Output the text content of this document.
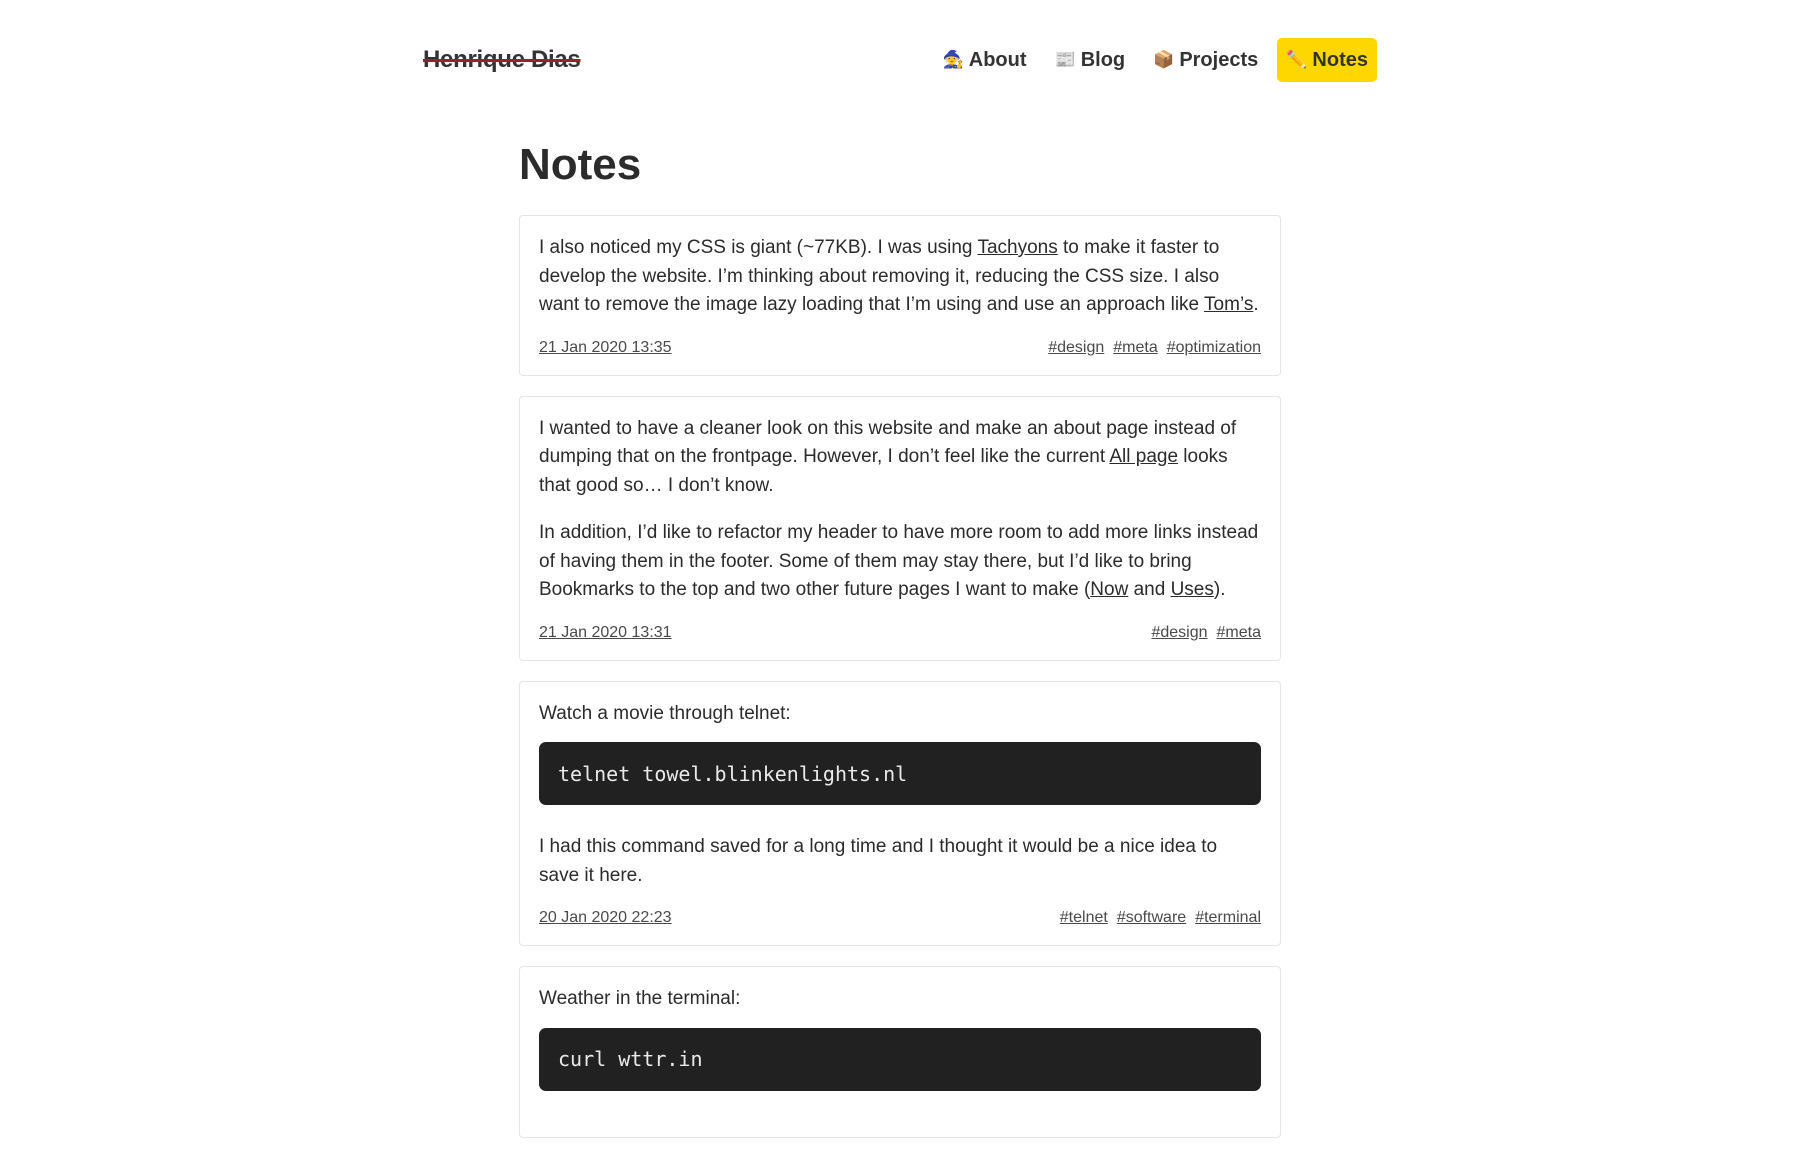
Henrique Dias	🧙 About 📰 Blog 📦 Projects ✏️ Notes
Notes

I also noticed my CSS is giant (~77KB). I was using Tachyons to make it faster to develop the website. I’m thinking about removing it, reducing the CSS size. I also want to remove the image lazy loading that I’m using and use an approach like Tom’s.

21 Jan 2020 13:35	#design #meta #optimization

I wanted to have a cleaner look on this website and make an about page instead of dumping that on the frontpage. However, I don’t feel like the current All page looks that good so… I don’t know.

In addition, I’d like to refactor my header to have more room to add more links instead of having them in the footer. Some of them may stay there, but I’d like to bring Bookmarks to the top and two other future pages I want to make (Now and Uses).

21 Jan 2020 13:31	#design #meta

Watch a movie through telnet:

telnet towel.blinkenlights.nl

I had this command saved for a long time and I thought it would be a nice idea to save it here.

20 Jan 2020 22:23	#telnet #software #terminal

Weather in the terminal:

curl wttr.in
